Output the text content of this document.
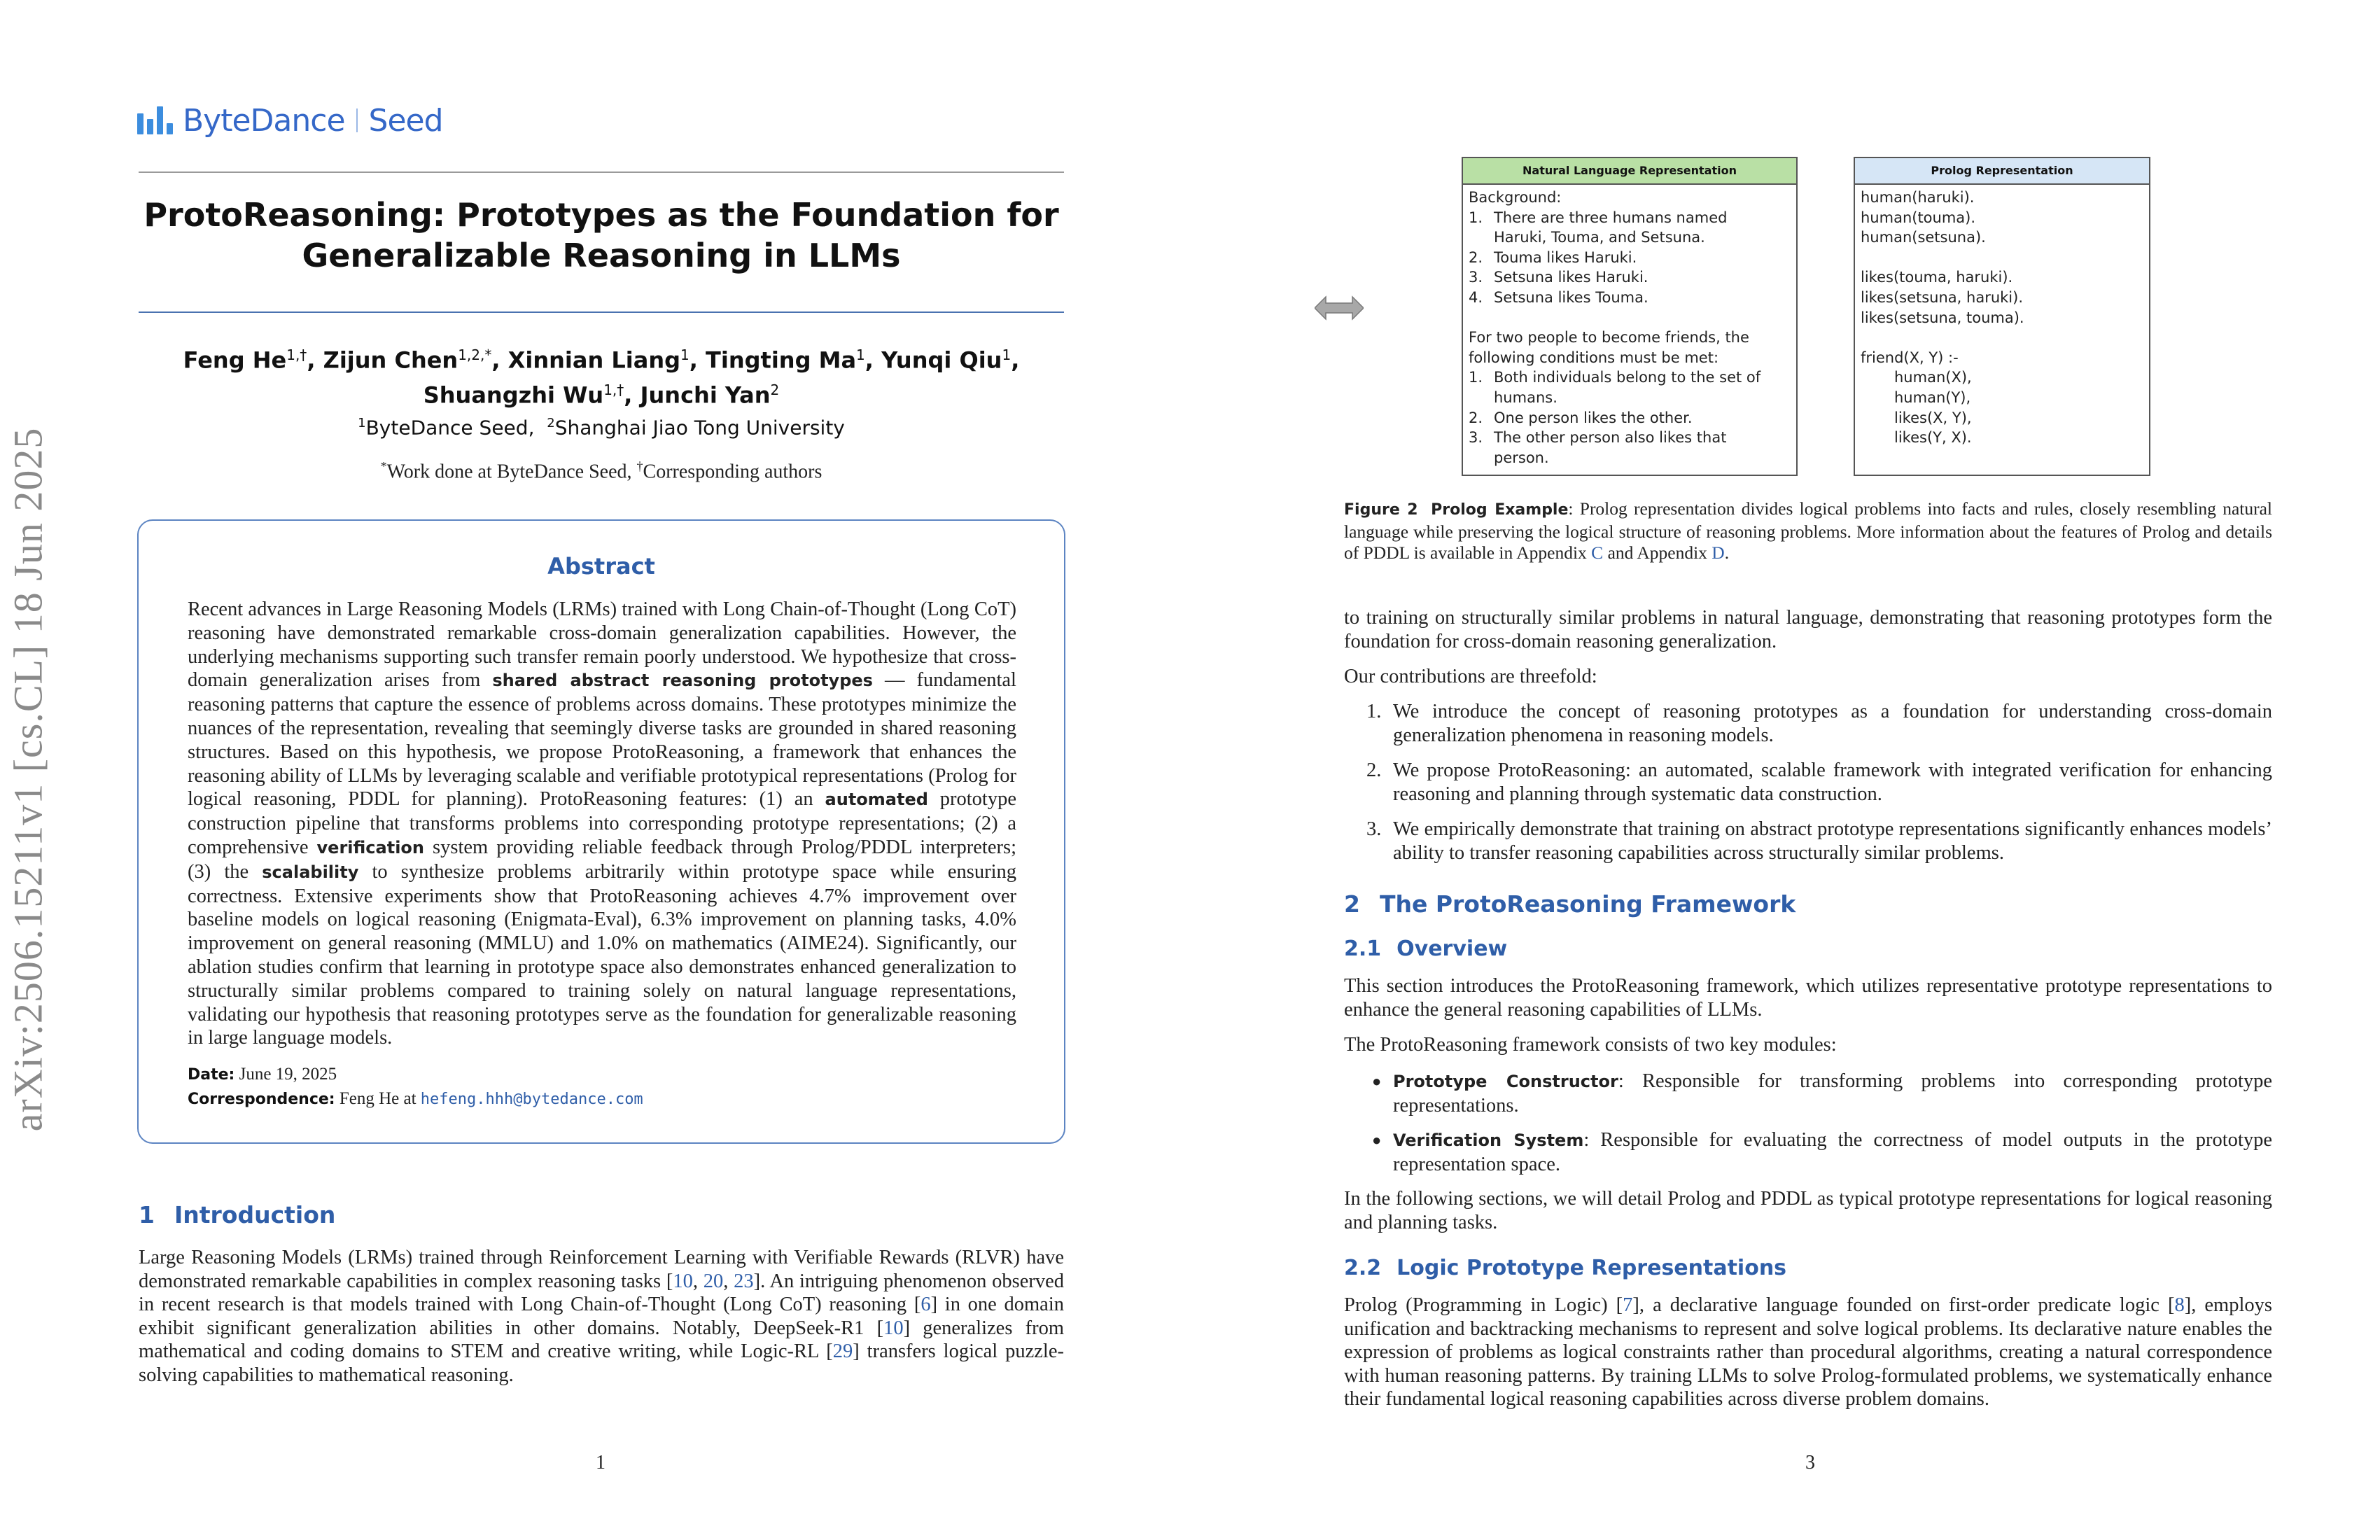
arXiv:2506.15211v1 [cs.CL] 18 Jun 2025
ByteDance Seed
ProtoReasoning: Prototypes as the Foundation for
Generalizable Reasoning in LLMs
Feng $He^{1,\dagger}$, Zijun Chen$^{1,2,*}$, Xinnian Liang$^1$, Tingting Ma$^1$, Yunqi Qiu$^1$,
Shuangzhi $Wu^{1,\dagger}$, Junchi Yan$^2$
$^1$ByteDance Seed,  $^2$Shanghai Jiao Tong University
*Work done at ByteDance Seed, †Corresponding authors
Abstract
Recent advances in Large Reasoning Models (LRMs) trained with Long Chain-of-Thought (Long CoT) reasoning have demonstrated remarkable cross-domain generalization capabilities. However, the underlying mechanisms supporting such transfer remain poorly understood. We hypothesize that cross-domain generalization arises from shared abstract reasoning prototypes — fundamental reasoning patterns that capture the essence of problems across domains. These prototypes minimize the nuances of the representation, revealing that seemingly diverse tasks are grounded in shared reasoning structures. Based on this hypothesis, we propose ProtoReasoning, a framework that enhances the reasoning ability of LLMs by leveraging scalable and verifiable prototypical representations (Prolog for logical reasoning, PDDL for planning). ProtoReasoning features: (1) an automated prototype construction pipeline that transforms problems into corresponding prototype representations; (2) a comprehensive verification system providing reliable feedback through Prolog/PDDL interpreters; (3) the scalability to synthesize problems arbitrarily within prototype space while ensuring correctness. Extensive experiments show that ProtoReasoning achieves 4.7% improvement over baseline models on logical reasoning (Enigmata-Eval), 6.3% improvement on planning tasks, 4.0% improvement on general reasoning (MMLU) and 1.0% on mathematics (AIME24). Significantly, our ablation studies confirm that learning in prototype space also demonstrates enhanced generalization to structurally similar problems compared to training solely on natural language representations, validating our hypothesis that reasoning prototypes serve as the foundation for generalizable reasoning in large language models.
Date: June 19, 2025
Correspondence: Feng He at hefeng.hhh@bytedance.com
1 Introduction
Large Reasoning Models (LRMs) trained through Reinforcement Learning with Verifiable Rewards (RLVR) have demonstrated remarkable capabilities in complex reasoning tasks [10, 20, 23]. An intriguing phenomenon observed in recent research is that models trained with Long Chain-of-Thought (Long CoT) reasoning [6] in one domain exhibit significant generalization abilities in other domains. Notably, DeepSeek-R1 [10] generalizes from mathematical and coding domains to STEM and creative writing, while Logic-RL [29] transfers logical puzzle-solving capabilities to mathematical reasoning.
1
Natural Language Representation
Background:
1. There are three humans named
Haruki, Touma, and Setsuna.
2. Touma likes Haruki.
3. Setsuna likes Haruki.
4. Setsuna likes Touma.
For two people to become friends, the
following conditions must be met:
1. Both individuals belong to the set of
humans.
2. One person likes the other.
3. The other person also likes that
person.
Prolog Representation
human(haruki).
human(touma).
human(setsuna).
likes(touma, haruki).
likes(setsuna, haruki).
likes(setsuna, touma).
friend(X, Y) :-
human(X),
human(Y),
likes(X, Y),
likes(Y, X).
Figure 2 Prolog Example: Prolog representation divides logical problems into facts and rules, closely resembling natural language while preserving the logical structure of reasoning problems. More information about the features of Prolog and details of PDDL is available in Appendix C and Appendix D.
to training on structurally similar problems in natural language, demonstrating that reasoning prototypes form the foundation for cross-domain reasoning generalization.
Our contributions are threefold:
1. We introduce the concept of reasoning prototypes as a foundation for understanding cross-domain generalization phenomena in reasoning models.
2. We propose ProtoReasoning: an automated, scalable framework with integrated verification for enhancing reasoning and planning through systematic data construction.
3. We empirically demonstrate that training on abstract prototype representations significantly enhances models’ ability to transfer reasoning capabilities across structurally similar problems.
2 The ProtoReasoning Framework
2.1 Overview
This section introduces the ProtoReasoning framework, which utilizes representative prototype representations to enhance the general reasoning capabilities of LLMs.
The ProtoReasoning framework consists of two key modules:
● Prototype Constructor: Responsible for transforming problems into corresponding prototype representations.
● Verification System: Responsible for evaluating the correctness of model outputs in the prototype representation space.
In the following sections, we will detail Prolog and PDDL as typical prototype representations for logical reasoning and planning tasks.
2.2 Logic Prototype Representations
Prolog (Programming in Logic) [7], a declarative language founded on first-order predicate logic [8], employs unification and backtracking mechanisms to represent and solve logical problems. Its declarative nature enables the expression of problems as logical constraints rather than procedural algorithms, creating a natural correspondence with human reasoning patterns. By training LLMs to solve Prolog-formulated problems, we systematically enhance their fundamental logical reasoning capabilities across diverse problem domains.
3
